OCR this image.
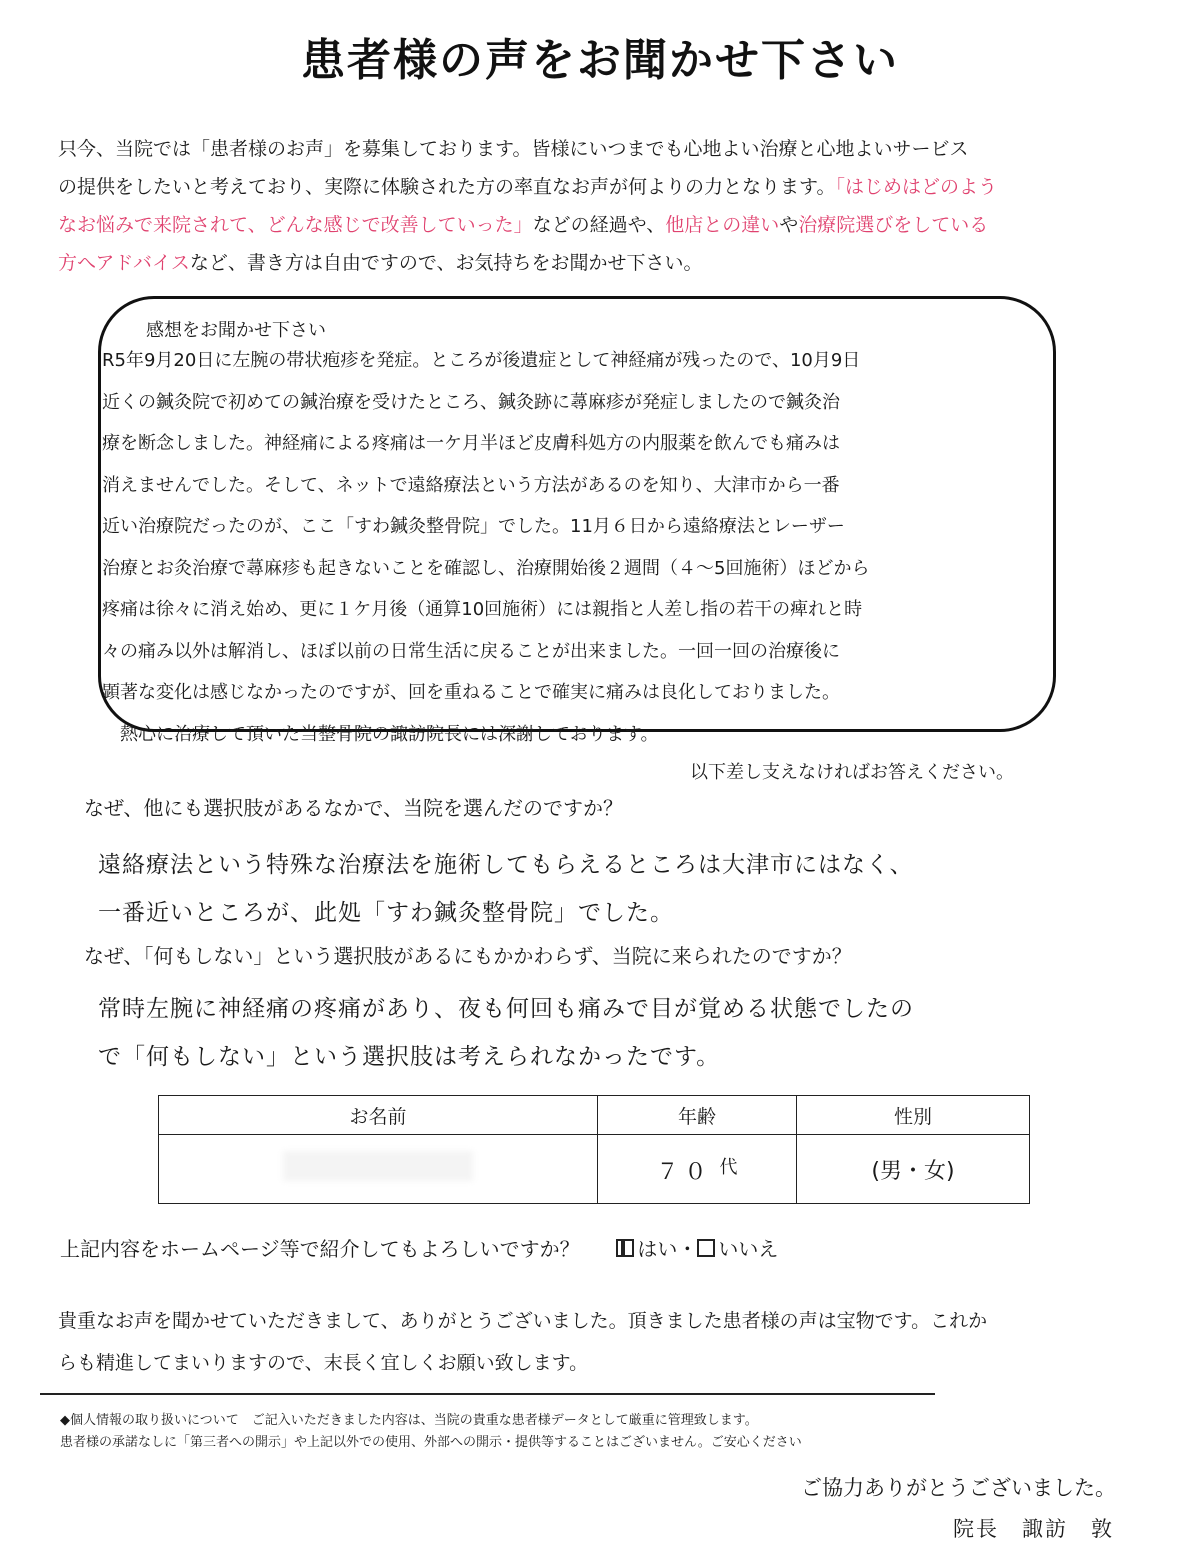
患者様の声をお聞かせ下さい
只今、当院では「患者様のお声」を募集しております。皆様にいつまでも心地よい治療と心地よいサービス
の提供をしたいと考えており、実際に体験された方の率直なお声が何よりの力となります。「はじめはどのよう
なお悩みで来院されて、どんな感じで改善していった」などの経過や、他店との違いや治療院選びをしている
方へアドバイスなど、書き方は自由ですので、お気持ちをお聞かせ下さい。
感想をお聞かせ下さい
R5年9月20日に左腕の帯状疱疹を発症。ところが後遺症として神経痛が残ったので、10月9日
近くの鍼灸院で初めての鍼治療を受けたところ、鍼灸跡に蕁麻疹が発症しましたので鍼灸治
療を断念しました。神経痛による疼痛は一ケ月半ほど皮膚科処方の内服薬を飲んでも痛みは
消えませんでした。そして、ネットで遠絡療法という方法があるのを知り、大津市から一番
近い治療院だったのが、ここ「すわ鍼灸整骨院」でした。11月６日から遠絡療法とレーザー
治療とお灸治療で蕁麻疹も起きないことを確認し、治療開始後２週間（４～5回施術）ほどから
疼痛は徐々に消え始め、更に１ケ月後（通算10回施術）には親指と人差し指の若干の痺れと時
々の痛み以外は解消し、ほぼ以前の日常生活に戻ることが出来ました。一回一回の治療後に
顕著な変化は感じなかったのですが、回を重ねることで確実に痛みは良化しておりました。
　熱心に治療して頂いた当整骨院の諏訪院長には深謝しております。
以下差し支えなければお答えください。
なぜ、他にも選択肢があるなかで、当院を選んだのですか？
遠絡療法という特殊な治療法を施術してもらえるところは大津市にはなく、
一番近いところが、此処「すわ鍼灸整骨院」でした。
なぜ、「何もしない」という選択肢があるにもかかわらず、当院に来られたのですか？
常時左腕に神経痛の疼痛があり、夜も何回も痛みで目が覚める状態でしたの
で「何もしない」という選択肢は考えられなかったです。
お名前	年齢	性別
	７０ $^代$	(男・女)
上記内容をホームページ等で紹介してもよろしいですか？	はい・ いいえ
貴重なお声を聞かせていただきまして、ありがとうございました。頂きました患者様の声は宝物です。これか
らも精進してまいりますので、末長く宜しくお願い致します。
◆個人情報の取り扱いについて　ご記入いただきました内容は、当院の貴重な患者様データとして厳重に管理致します。
患者様の承諾なしに「第三者への開示」や上記以外での使用、外部への開示・提供等することはございません。ご安心ください
ご協力ありがとうございました。
院長　諏訪　敦
